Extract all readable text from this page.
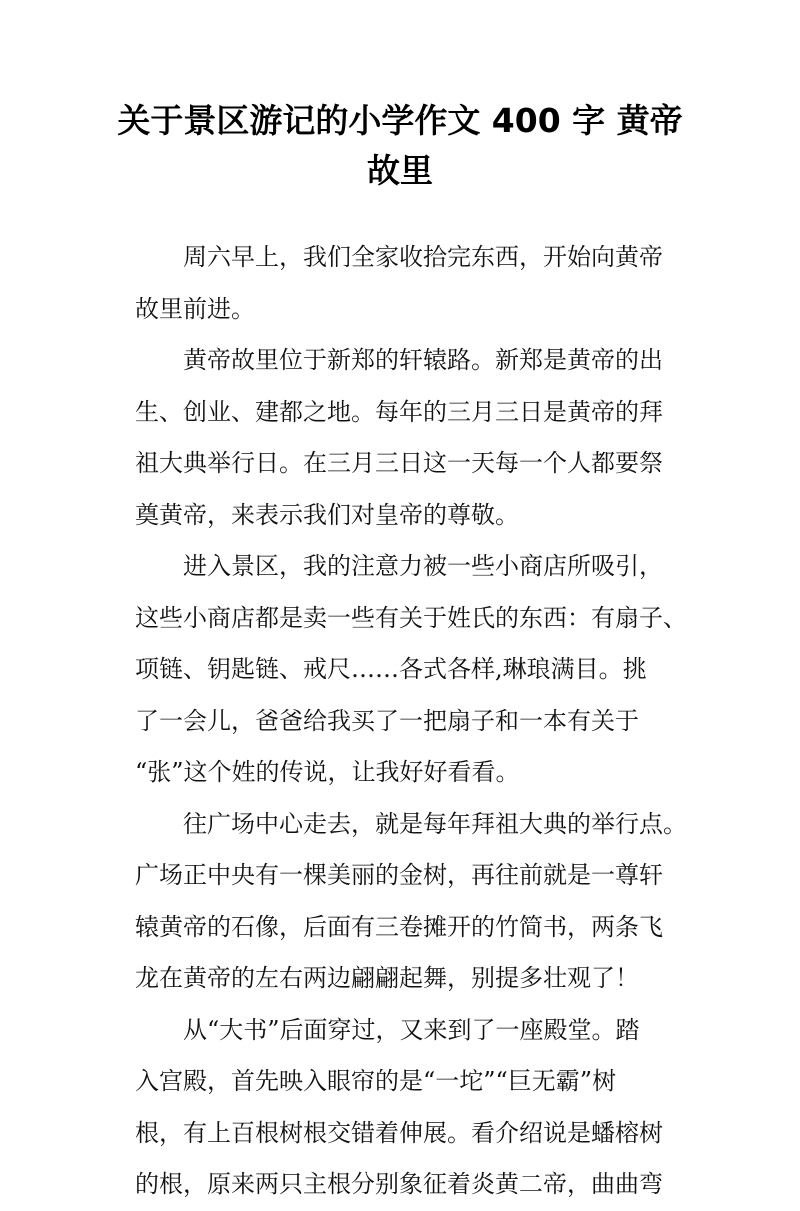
关于景区游记的小学作文 400 字 黄帝
故里
周六早上，我们全家收拾完东西，开始向黄帝
故里前进。
黄帝故里位于新郑的轩辕路。新郑是黄帝的出
生、创业、建都之地。每年的三月三日是黄帝的拜
祖大典举行日。在三月三日这一天每一个人都要祭
奠黄帝，来表示我们对皇帝的尊敬。
进入景区，我的注意力被一些小商店所吸引，
这些小商店都是卖一些有关于姓氏的东西：有扇子、
项链、钥匙链、戒尺……各式各样,琳琅满目。挑
了一会儿，爸爸给我买了一把扇子和一本有关于
“张”这个姓的传说，让我好好看看。
往广场中心走去，就是每年拜祖大典的举行点。
广场正中央有一棵美丽的金树，再往前就是一尊轩
辕黄帝的石像，后面有三卷摊开的竹简书，两条飞
龙在黄帝的左右两边翩翩起舞，别提多壮观了！
从“大书”后面穿过，又来到了一座殿堂。踏
入宫殿，首先映入眼帘的是“一坨”“巨无霸”树
根，有上百根树根交错着伸展。看介绍说是蟠榕树
的根，原来两只主根分别象征着炎黄二帝，曲曲弯
